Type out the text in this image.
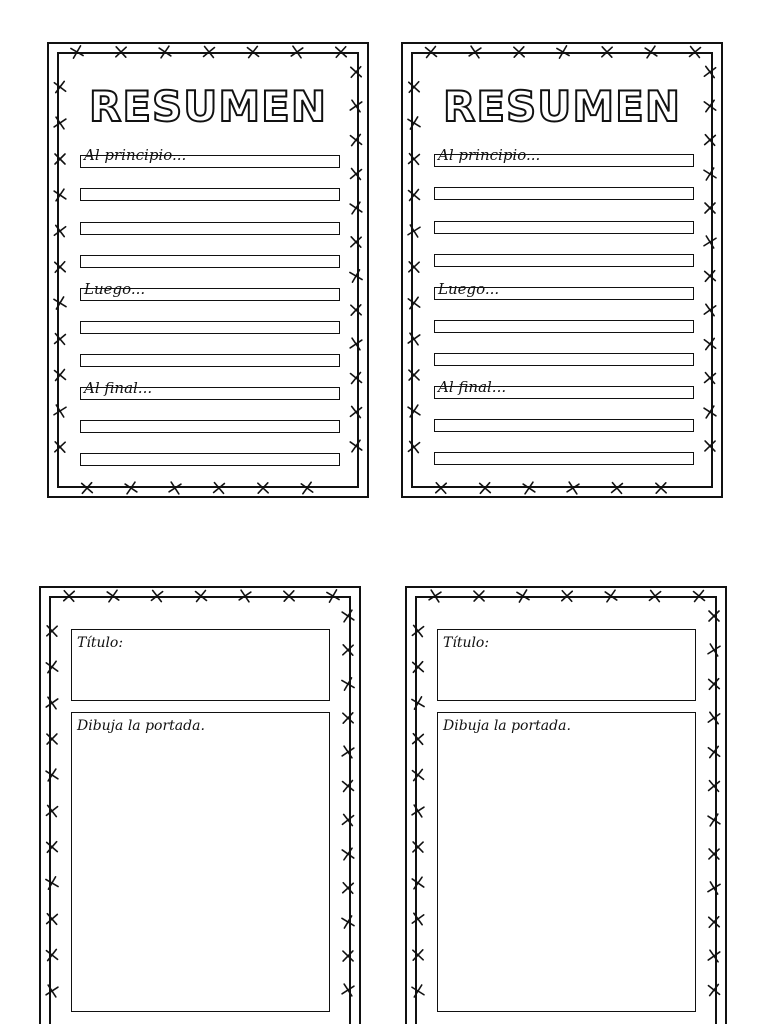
RESUMEN
Al principio...
Luego...
Al final...
RESUMEN
Al principio...
Luego...
Al final...
Título:
Dibuja la portada.
Título:
Dibuja la portada.
